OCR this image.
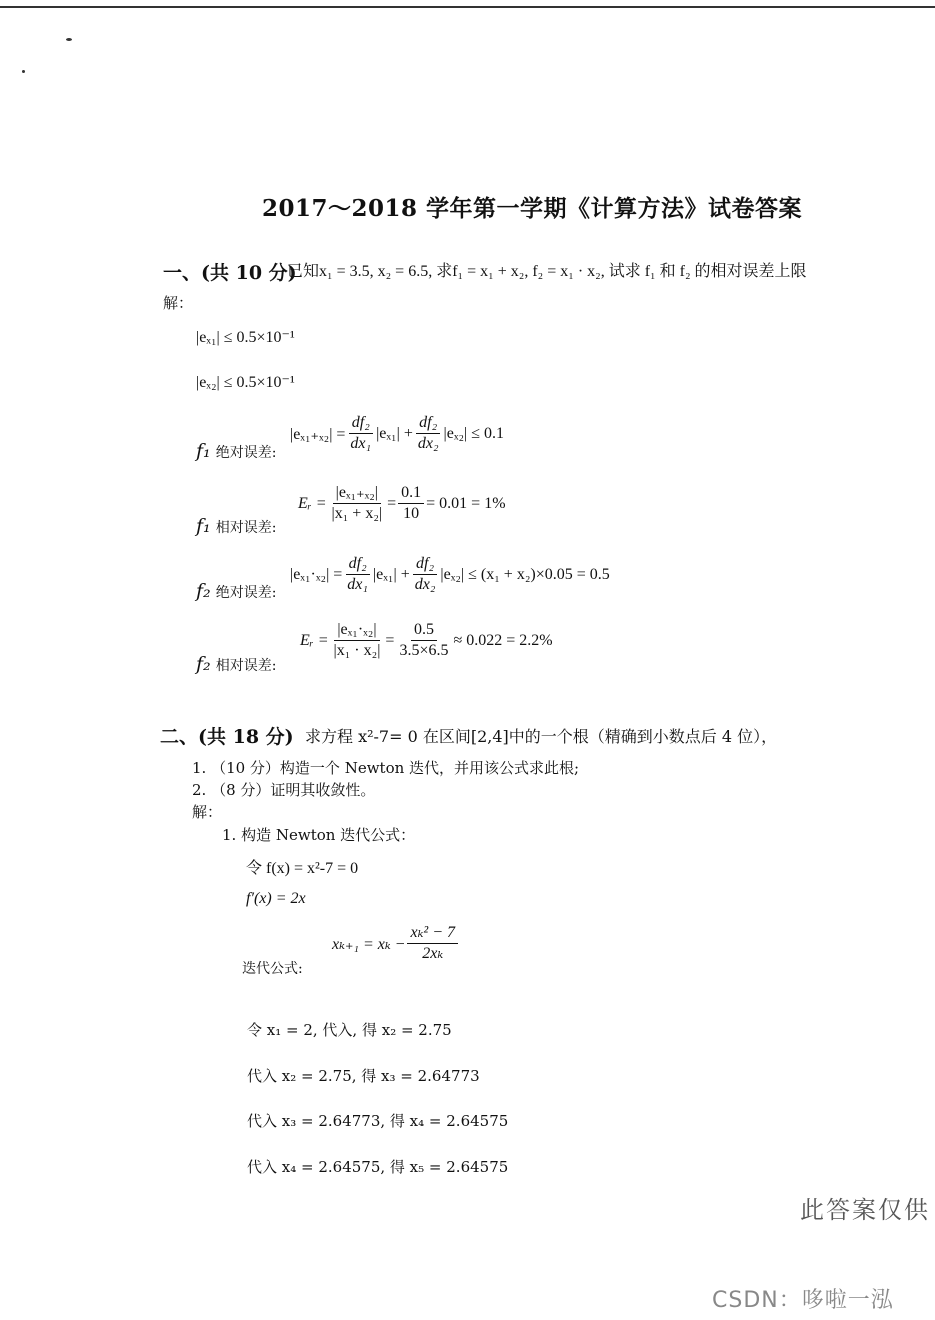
2017～2018 学年第一学期《计算方法》试卷答案
一、(共 10 分)
已知x₁ = 3.5, x₂ = 6.5, 求f₁ = x₁ + x₂, f₂ = x₁ · x₂, 试求 f₁ 和 f₂ 的相对误差上限
解：
|eₓ₁| ≤ 0.5×10⁻¹
|eₓ₂| ≤ 0.5×10⁻¹
f₁ 绝对误差:
$|e_{x1+x2}| = \frac{\text{df₂}}{\text{dx₁}} |e_{x1}| + \frac{\text{df₂}}{\text{dx₂}} |e_{x2}| \le 0.1$
f₁ 相对误差:
Eᵣ = $\frac{\text{|eₓ₁₊ₓ₂|}}{\text{|x₁ + x₂|}} = \frac{0.1}{10} = 0.01 = 1\%$
f₂ 绝对误差:
$|e_{x1}\cdot_{x2}| = \frac{\text{df₂}}{\text{dx₁}} |e_{x1}| + \frac{\text{df₂}}{\text{dx₂}} |e_{x2}| \le (x_1 + x_2)\times 0.05 = 0.5$
f₂ 相对误差:
Eᵣ = $\frac{\text{|eₓ₁·ₓ₂|}}{\text{|x₁ · x₂|}} = \frac{0.5}{3.5\times 6.5} \approx 0.022 = 2.2\%$
二、(共 18 分) 求方程 x²-7= 0 在区间[2,4]中的一个根（精确到小数点后 4 位），
1. （10 分）构造一个 Newton 迭代，并用该公式求此根;
2. （8 分）证明其收敛性。
解：
1. 构造 Newton 迭代公式：
令 f(x) = x²-7 = 0
f′(x) = 2x
迭代公式:
$x_{k+1} = x_k - \frac{\text{xₖ² − 7}}{\text{2xₖ}}$
令 x₁ = 2, 代入, 得 x₂ = 2.75
代入 x₂ = 2.75, 得 x₃ = 2.64773
代入 x₃ = 2.64773, 得 x₄ = 2.64575
代入 x₄ = 2.64575, 得 x₅ = 2.64575
此答案仅供
CSDN：哆啦一泓
